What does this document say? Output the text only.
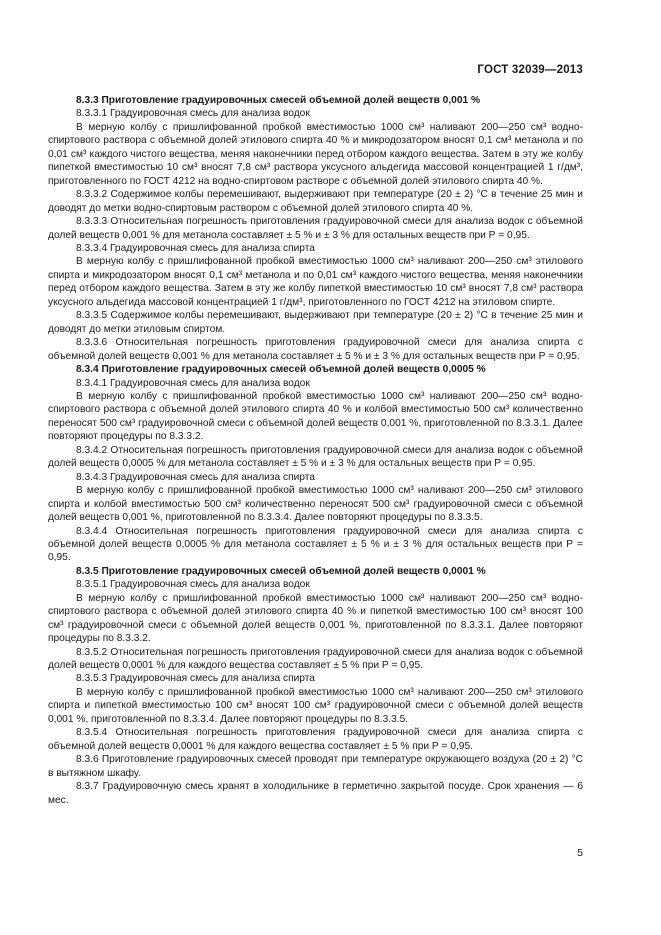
ГОСТ 32039—2013

8.3.3 Приготовление градуировочных смесей объемной долей веществ 0,001 %

8.3.3.1 Градуировочная смесь для анализа водок

В мерную колбу с пришлифованной пробкой вместимостью 1000 см³ наливают 200—250 см³ водно-спиртового раствора с объемной долей этилового спирта 40 % и микродозатором вносят 0,1 см³ метанола и по 0,01 см³ каждого чистого вещества, меняя наконечники перед отбором каждого вещества. Затем в эту же колбу пипеткой вместимостью 10 см³ вносят 7,8 см³ раствора уксусного альдегида массовой концентрацией 1 г/дм³, приготовленного по ГОСТ 4212 на водно-спиртовом растворе с объемной долей этилового спирта 40 %.

8.3.3.2 Содержимое колбы перемешивают, выдерживают при температуре (20 ± 2) °С в течение 25 мин и доводят до метки водно-спиртовым раствором с объемной долей этилового спирта 40 %.

8.3.3.3 Относительная погрешность приготовления градуировочной смеси для анализа водок с объемной долей веществ 0,001 % для метанола составляет ± 5 % и ± 3 % для остальных веществ при Р = 0,95.

8.3.3.4 Градуировочная смесь для анализа спирта

В мерную колбу с пришлифованной пробкой вместимостью 1000 см³ наливают 200—250 см³ этилового спирта и микродозатором вносят 0,1 см³ метанола и по 0,01 см³ каждого чистого вещества, меняя наконечники перед отбором каждого вещества. Затем в эту же колбу пипеткой вместимостью 10 см³ вносят 7,8 см³ раствора уксусного альдегида массовой концентрацией 1 г/дм³, приготовленного по ГОСТ 4212 на этиловом спирте.

8.3.3.5 Содержимое колбы перемешивают, выдерживают при температуре (20 ± 2) °С в течение 25 мин и доводят до метки этиловым спиртом.

8.3.3.6 Относительная погрешность приготовления градуировочной смеси для анализа спирта с объемной долей веществ 0,001 % для метанола составляет ± 5 % и ± 3 % для остальных веществ при Р = 0,95.

8.3.4 Приготовление градуировочных смесей объемной долей веществ 0,0005 %

8.3.4.1 Градуировочная смесь для анализа водок

В мерную колбу с пришлифованной пробкой вместимостью 1000 см³ наливают 200—250 см³ водно-спиртового раствора с объемной долей этилового спирта 40 % и колбой вместимостью 500 см³ количественно переносят 500 см³ градуировочной смеси с объемной долей веществ 0,001 %, приготовленной по 8.3.3.1. Далее повторяют процедуры по 8.3.3.2.

8.3.4.2 Относительная погрешность приготовления градуировочной смеси для анализа водок с объемной долей веществ 0,0005 % для метанола составляет ± 5 % и ± 3 % для остальных веществ при Р = 0,95.

8.3.4.3 Градуировочная смесь для анализа спирта

В мерную колбу с пришлифованной пробкой вместимостью 1000 см³ наливают 200—250 см³ этилового спирта и колбой вместимостью 500 см³ количественно переносят 500 см³ градуировочной смеси с объемной долей веществ 0,001 %, приготовленной по 8.3.3.4. Далее повторяют процедуры по 8.3.3.5.

8.3.4.4 Относительная погрешность приготовления градуировочной смеси для анализа спирта с объемной долей веществ 0,0005 % для метанола составляет ± 5 % и ± 3 % для остальных веществ при Р = 0,95.

8.3.5 Приготовление градуировочных смесей объемной долей веществ 0,0001 %

8.3.5.1 Градуировочная смесь для анализа водок

В мерную колбу с пришлифованной пробкой вместимостью 1000 см³ наливают 200—250 см³ водно-спиртового раствора с объемной долей этилового спирта 40 % и пипеткой вместимостью 100 см³ вносят 100 см³ градуировочной смеси с объемной долей веществ 0,001 %, приготовленной по 8.3.3.1. Далее повторяют процедуры по 8.3.3.2.

8.3.5.2 Относительная погрешность приготовления градуировочной смеси для анализа водок с объемной долей веществ 0,0001 % для каждого вещества составляет ± 5 % при Р = 0,95.

8.3.5.3 Градуировочная смесь для анализа спирта

В мерную колбу с пришлифованной пробкой вместимостью 1000 см³ наливают 200—250 см³ этилового спирта и пипеткой вместимостью 100 см³ вносят 100 см³ градуировочной смеси с объемной долей веществ 0,001 %, приготовленной по 8.3.3.4. Далее повторяют процедуры по 8.3.3.5.

8.3.5.4 Относительная погрешность приготовления градуировочной смеси для анализа спирта с объемной долей веществ 0,0001 % для каждого вещества составляет ± 5 % при Р = 0,95.

8.3.6 Приготовление градуировочных смесей проводят при температуре окружающего воздуха (20 ± 2) °С в вытяжном шкафу.

8.3.7 Градуировочную смесь хранят в холодильнике в герметично закрытой посуде. Срок хранения — 6 мес.

5
